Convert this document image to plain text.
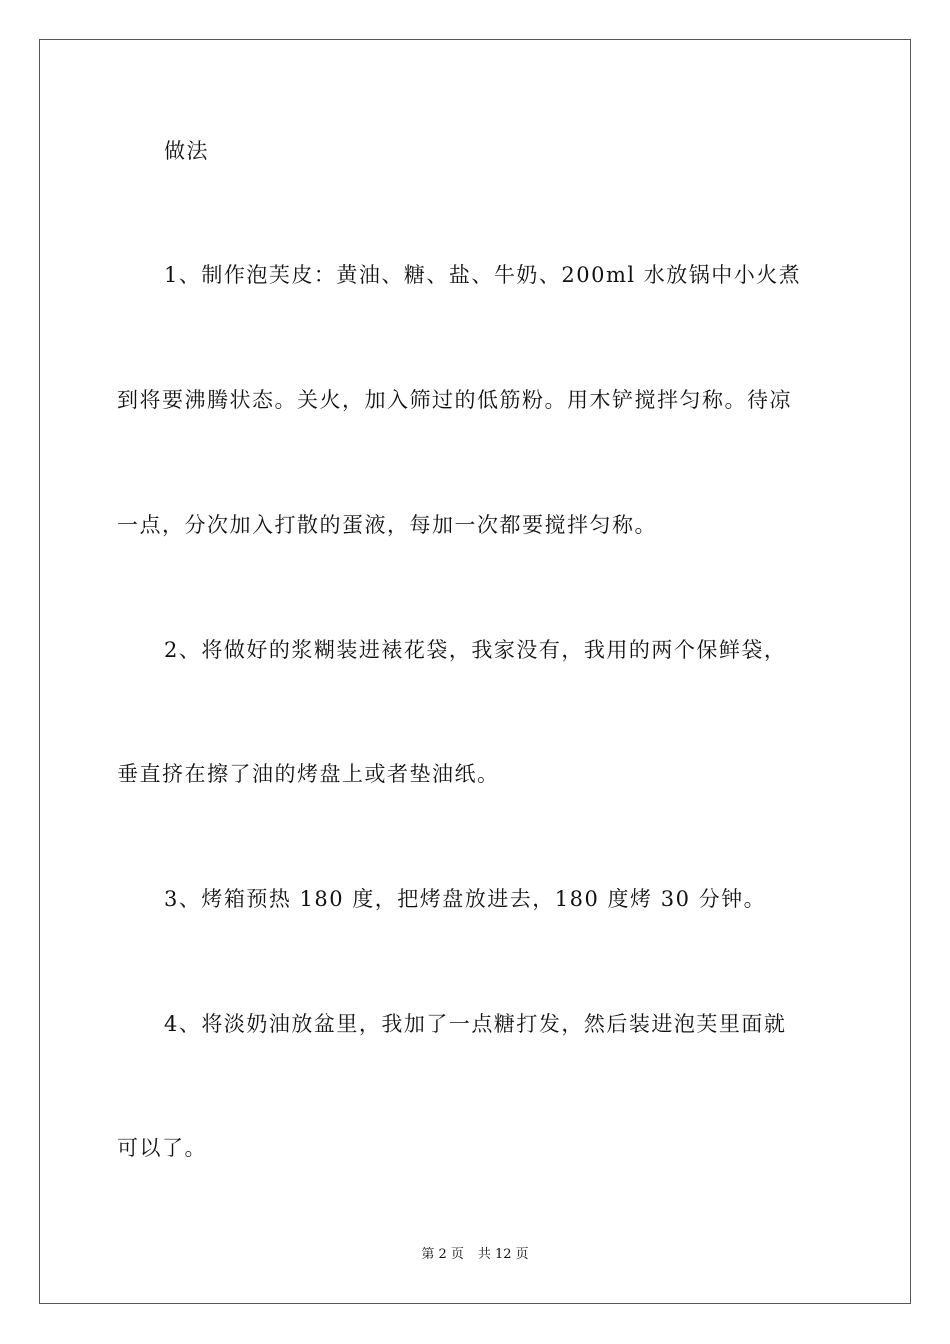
做法

1、制作泡芙皮：黄油、糖、盐、牛奶、200ml 水放锅中小火煮

到将要沸腾状态。关火，加入筛过的低筋粉。用木铲搅拌匀称。待凉

一点，分次加入打散的蛋液，每加一次都要搅拌匀称。

2、将做好的浆糊装进裱花袋，我家没有，我用的两个保鲜袋，

垂直挤在擦了油的烤盘上或者垫油纸。

3、烤箱预热 180 度，把烤盘放进去，180 度烤 30 分钟。

4、将淡奶油放盆里，我加了一点糖打发，然后装进泡芙里面就

可以了。

第 2 页 共 12 页
